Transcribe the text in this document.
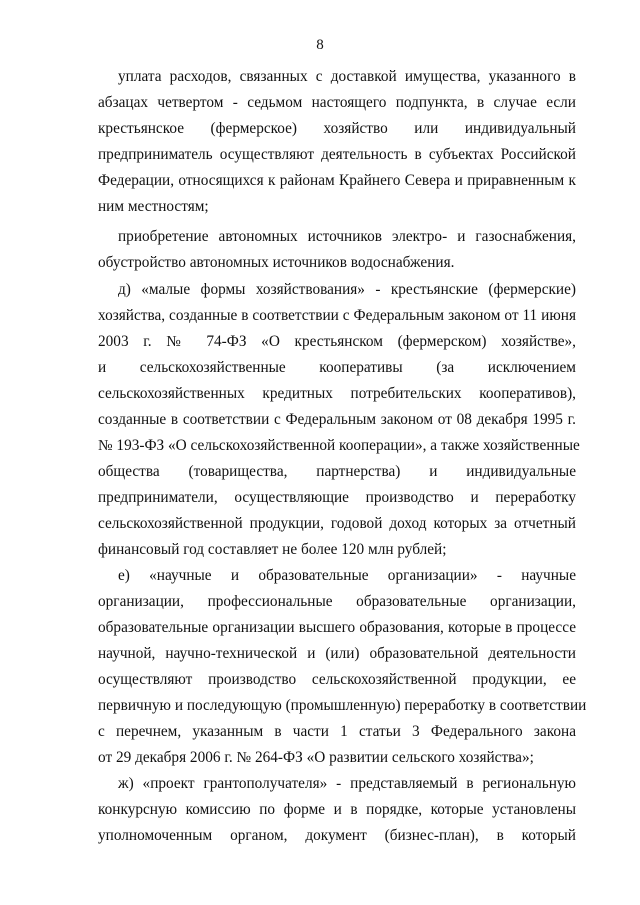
8
уплата расходов, связанных с доставкой имущества, указанного в
абзацах четвертом - седьмом настоящего подпункта, в случае если
крестьянское (фермерское) хозяйство или индивидуальный
предприниматель осуществляют деятельность в субъектах Российской
Федерации, относящихся к районам Крайнего Севера и приравненным к
ним местностям;
приобретение автономных источников электро- и газоснабжения,
обустройство автономных источников водоснабжения.
д) «малые формы хозяйствования» - крестьянские (фермерские)
хозяйства, созданные в соответствии с Федеральным законом от 11 июня
2003 г. № 74-ФЗ «О крестьянском (фермерском) хозяйстве»,
и сельскохозяйственные кооперативы (за исключением
сельскохозяйственных кредитных потребительских кооперативов),
созданные в соответствии с Федеральным законом от 08 декабря 1995 г.
№ 193-ФЗ «О сельскохозяйственной кооперации», а также хозяйственные
общества (товарищества, партнерства) и индивидуальные
предприниматели, осуществляющие производство и переработку
сельскохозяйственной продукции, годовой доход которых за отчетный
финансовый год составляет не более 120 млн рублей;
е) «научные и образовательные организации» - научные
организации, профессиональные образовательные организации,
образовательные организации высшего образования, которые в процессе
научной, научно-технической и (или) образовательной деятельности
осуществляют производство сельскохозяйственной продукции, ее
первичную и последующую (промышленную) переработку в соответствии
с перечнем, указанным в части 1 статьи 3 Федерального закона
от 29 декабря 2006 г. № 264-ФЗ «О развитии сельского хозяйства»;
ж) «проект грантополучателя» - представляемый в региональную
конкурсную комиссию по форме и в порядке, которые установлены
уполномоченным органом, документ (бизнес-план), в который
